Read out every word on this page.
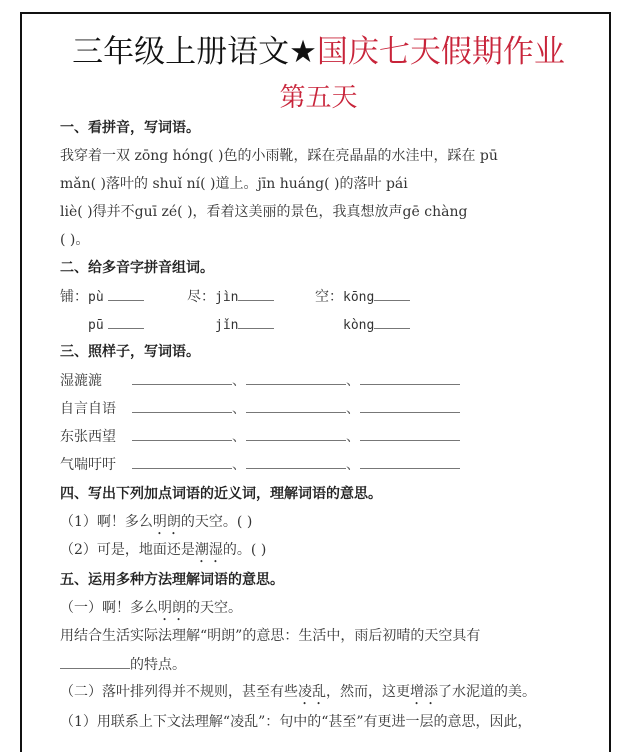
三年级上册语文★国庆七天假期作业
第五天
一、看拼音，写词语。
我穿着一双 zōng hóng( )色的小雨靴，踩在亮晶晶的水洼中，踩在 pū
mǎn( )落叶的 shuǐ ní( )道上。jīn huáng( )的落叶 pái
liè( )得并不guī zé( )，看着这美丽的景色，我真想放声gē chàng
( )。
二、给多音字拼音组词。
铺：pù	尽：jìn	空：kōng
pū	jǐn	kòng
三、照样子，写词语。
湿漉漉	、	、
自言自语	、	、
东张西望	、	、
气喘吁吁	、	、
四、写出下列加点词语的近义词，理解词语的意思。
（1）啊！多么明朗的天空。( )
（2）可是，地面还是潮湿的。( )
五、运用多种方法理解词语的意思。
（一）啊！多么明朗的天空。
用结合生活实际法理解“明朗”的意思：生活中，雨后初晴的天空具有
的特点。
（二）落叶排列得并不规则，甚至有些凌乱，然而，这更增添了水泥道的美。
（1）用联系上下文法理解“凌乱”：句中的“甚至”有更进一层的意思，因此，
